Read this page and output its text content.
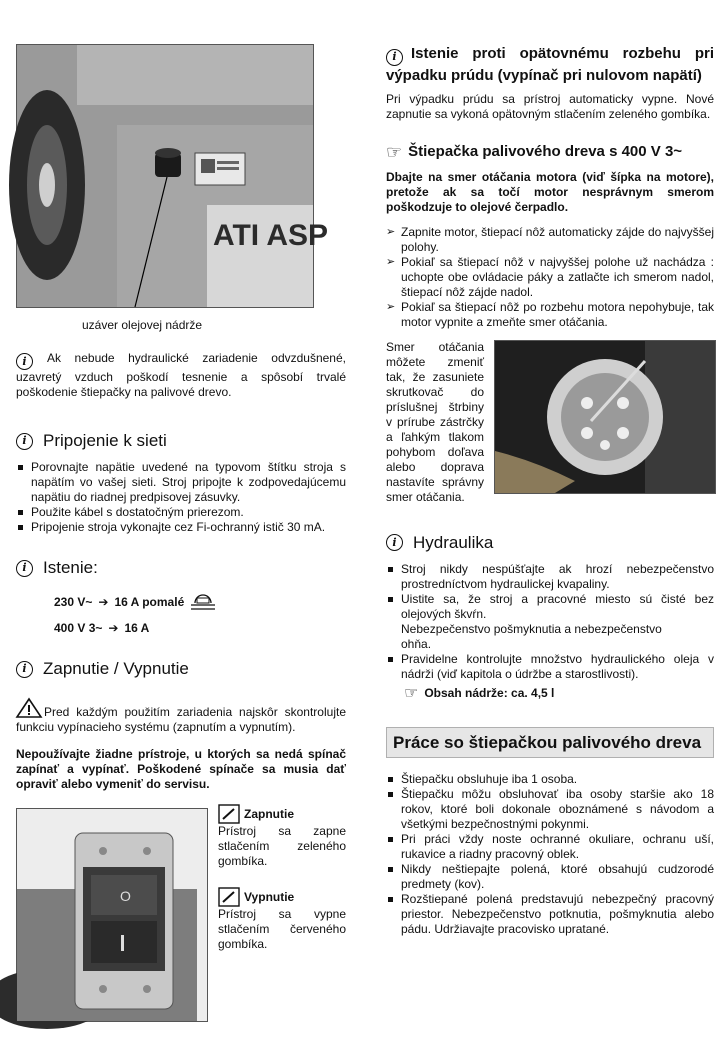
ATI ASP
uzáver olejovej nádrže
i Ak nebude hydraulické zariadenie odvzdušnené, uzavretý vzduch poškodí tesnenie a spôsobí trvalé poškodenie štiepačky na palivové drevo.
i Pripojenie k sieti
Porovnajte napätie uvedené na typovom štítku stroja s napätím vo vašej sieti. Stroj pripojte k zodpovedajúcemu napätiu do riadnej predpisovej zásuvky.
Použite kábel s dostatočným prierezom.
Pripojenie stroja vykonajte cez Fi-ochranný istič 30 mA.
i Istenie:
230 V~ ➔ 16 A pomalé
400 V 3~ ➔ 16 A
i Zapnutie / Vypnutie
Pred každým použitím zariadenia najskôr skontrolujte funkciu vypínacieho systému (zapnutím a vypnutím).
Nepoužívajte žiadne prístroje, u ktorých sa nedá spínač zapínať a vypínať. Poškodené spínače sa musia dať opraviť alebo vymeniť do servisu.
O
Zapnutie
Prístroj sa zapne stlačením zeleného gombíka.
Vypnutie
Prístroj sa vypne stlačením červeného gombíka.
i Istenie proti opätovnému rozbehu pri výpadku prúdu (vypínač pri nulovom napätí)
Pri výpadku prúdu sa prístroj automaticky vypne. Nové zapnutie sa vykoná opätovným stlačením zeleného gombíka.
☞ Štiepačka palivového dreva s 400 V 3~
Dbajte na smer otáčania motora (viď šípka na motore), pretože ak sa točí motor nesprávnym smerom poškodzuje to olejové čerpadlo.
➢ Zapnite motor, štiepací nôž automaticky zájde do najvyššej polohy.
➢ Pokiaľ sa štiepací nôž v najvyššej polohe už nachádza : uchopte obe ovládacie páky a zatlačte ich smerom nadol, štiepací nôž zájde nadol.
➢ Pokiaľ sa štiepací nôž po rozbehu motora nepohybuje, tak motor vypnite a zmeňte smer otáčania.
Smer otáčania môžete zmeniť tak, že zasuniete skrutkovač do príslušnej štrbiny v prírube zástrčky a ľahkým tlakom pohybom doľava alebo doprava nastavíte správny smer otáčania.
i Hydraulika
Stroj nikdy nespúšťajte ak hrozí nebezpečenstvo prostredníctvom hydraulickej kvapaliny.
Uistite sa, že stroj a pracovné miesto sú čisté bez olejových škvŕn.
Nebezpečenstvo pošmyknutia a nebezpečenstvo
ohňa.
Pravidelne kontrolujte množstvo hydraulického oleja v nádrži (viď kapitola o údržbe a starostlivosti).
☞ Obsah nádrže: ca. 4,5 l
Práce so štiepačkou palivového dreva
Štiepačku obsluhuje iba 1 osoba.
Štiepačku môžu obsluhovať iba osoby staršie ako 18 rokov, ktoré boli dokonale oboznámené s návodom a všetkými bezpečnostnými pokynmi.
Pri práci vždy noste ochranné okuliare, ochranu uší, rukavice a riadny pracovný oblek.
Nikdy neštiepajte polená, ktoré obsahujú cudzorodé predmety (kov).
Rozštiepané polená predstavujú nebezpečný pracovný priestor. Nebezpečenstvo potknutia, pošmyknutia alebo pádu. Udržiavajte pracovisko upratané.
